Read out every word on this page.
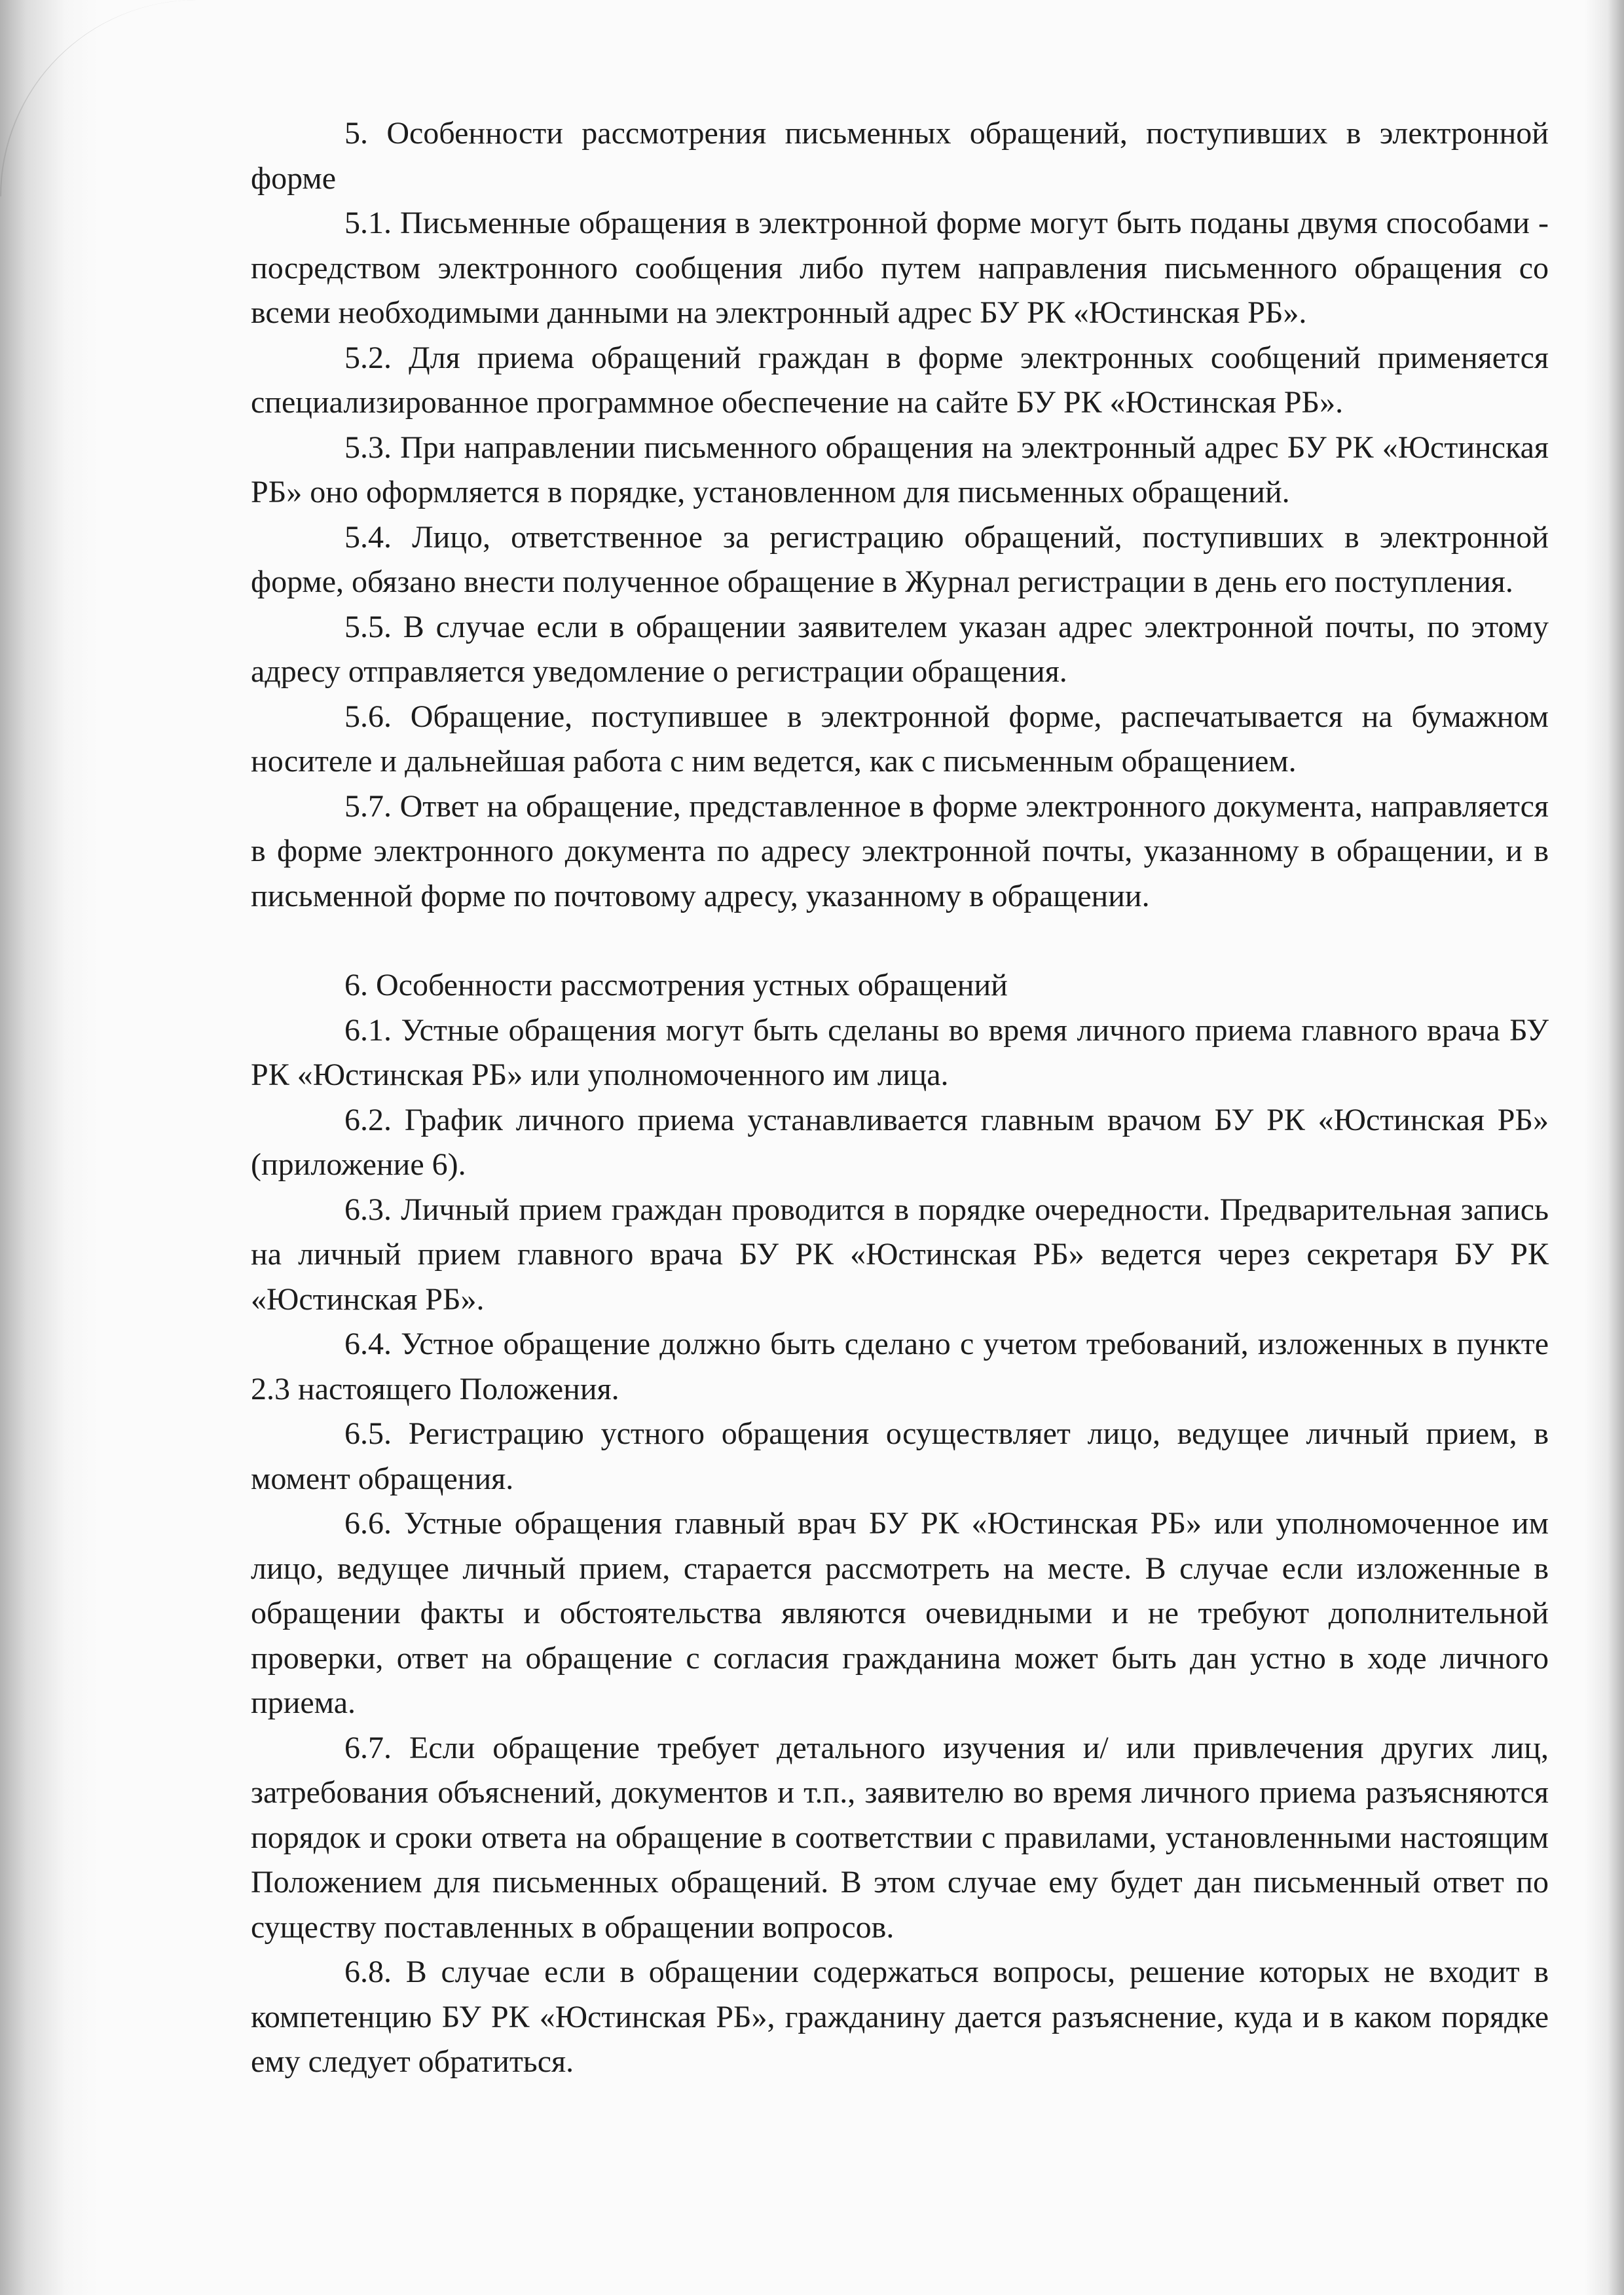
5. Особенности рассмотрения письменных обращений, поступивших в электронной форме

5.1. Письменные обращения в электронной форме могут быть поданы двумя способами - посредством электронного сообщения либо путем направления письменного обращения со всеми необходимыми данными на электронный адрес БУ РК «Юстинская РБ».

5.2. Для приема обращений граждан в форме электронных сообщений применяется специализированное программное обеспечение на сайте БУ РК «Юстинская РБ».

5.3. При направлении письменного обращения на электронный адрес БУ РК «Юстинская РБ» оно оформляется в порядке, установленном для письменных обращений.

5.4. Лицо, ответственное за регистрацию обращений, поступивших в электронной форме, обязано внести полученное обращение в Журнал регистрации в день его поступления.

5.5. В случае если в обращении заявителем указан адрес электронной почты, по этому адресу отправляется уведомление о регистрации обращения.

5.6. Обращение, поступившее в электронной форме, распечатывается на бумажном носителе и дальнейшая работа с ним ведется, как с письменным обращением.

5.7. Ответ на обращение, представленное в форме электронного документа, направляется в форме электронного документа по адресу электронной почты, указанному в обращении, и в письменной форме по почтовому адресу, указанному в обращении.

6. Особенности рассмотрения устных обращений

6.1. Устные обращения могут быть сделаны во время личного приема главного врача БУ РК «Юстинская РБ» или уполномоченного им лица.

6.2. График личного приема устанавливается главным врачом БУ РК «Юстинская РБ» (приложение 6).

6.3. Личный прием граждан проводится в порядке очередности. Предварительная запись на личный прием главного врача БУ РК «Юстинская РБ» ведется через секретаря БУ РК «Юстинская РБ».

6.4. Устное обращение должно быть сделано с учетом требований, изложенных в пункте 2.3 настоящего Положения.

6.5. Регистрацию устного обращения осуществляет лицо, ведущее личный прием, в момент обращения.

6.6. Устные обращения главный врач БУ РК «Юстинская РБ» или уполномоченное им лицо, ведущее личный прием, старается рассмотреть на месте. В случае если изложенные в обращении факты и обстоятельства являются очевидными и не требуют дополнительной проверки, ответ на обращение с согласия гражданина может быть дан устно в ходе личного приема.

6.7. Если обращение требует детального изучения и/ или привлечения других лиц, затребования объяснений, документов и т.п., заявителю во время личного приема разъясняются порядок и сроки ответа на обращение в соответствии с правилами, установленными настоящим Положением для письменных обращений. В этом случае ему будет дан письменный ответ по существу поставленных в обращении вопросов.

6.8. В случае если в обращении содержаться вопросы, решение которых не входит в компетенцию БУ РК «Юстинская РБ», гражданину дается разъяснение, куда и в каком порядке ему следует обратиться.
